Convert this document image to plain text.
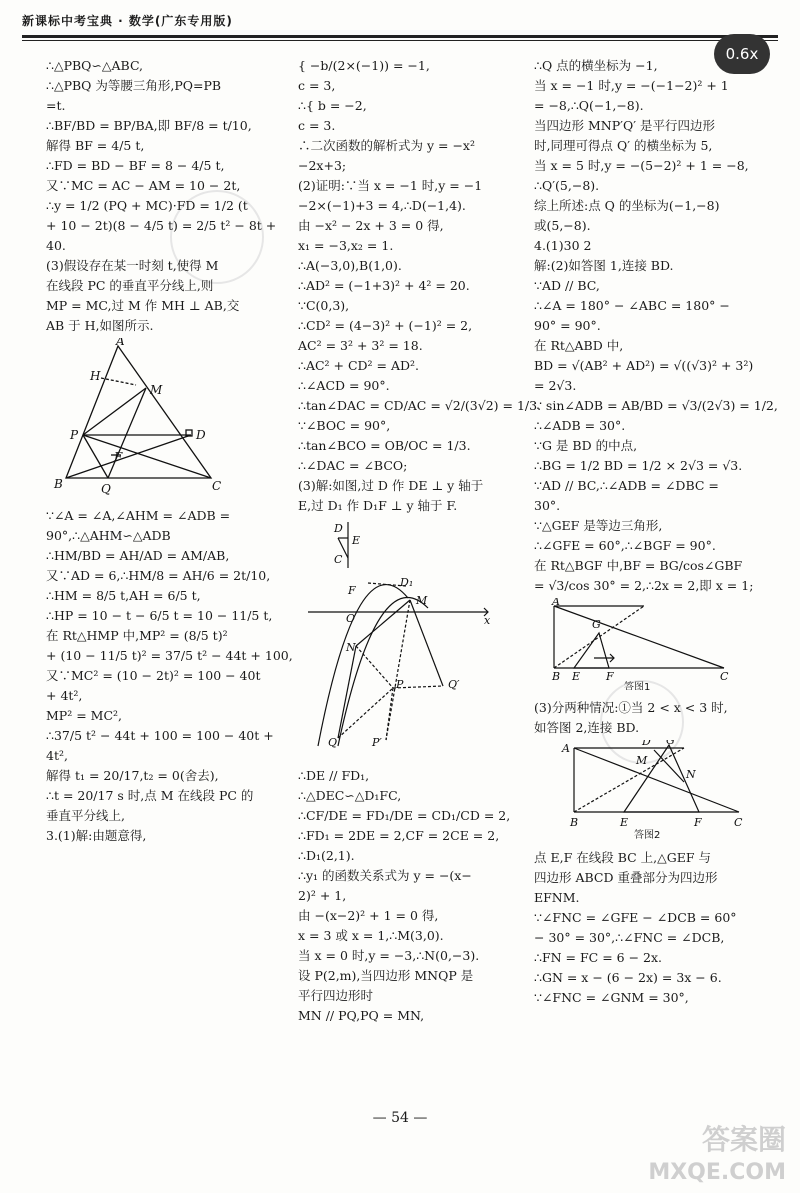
新课标中考宝典 · 数学(广东专用版)
0.6x

∴△PBQ∽△ABC,

∴△PBQ 为等腰三角形,PQ=PB

=t.

∴BF/BD = BP/BA,即 BF/8 = t/10,

解得 BF = 4/5 t,

∴FD = BD − BF = 8 − 4/5 t,

又∵MC = AC − AM = 10 − 2t,

∴y = 1/2 (PQ + MC)·FD = 1/2 (t

+ 10 − 2t)(8 − 4/5 t) = 2/5 t² − 8t +

40.

(3)假设存在某一时刻 t,使得 M

在线段 PC 的垂直平分线上,则

MP = MC,过 M 作 MH ⊥ AB,交

AB 于 H,如图所示.

A
H
M
D
P
F
B	Q	C

∵∠A = ∠A,∠AHM = ∠ADB =

90°,∴△AHM∽△ADB

∴HM/BD = AH/AD = AM/AB,

又∵AD = 6,∴HM/8 = AH/6 = 2t/10,

∴HM = 8/5 t,AH = 6/5 t,

∴HP = 10 − t − 6/5 t = 10 − 11/5 t,

在 Rt△HMP 中,MP² = (8/5 t)²

+ (10 − 11/5 t)² = 37/5 t² − 44t + 100,

又∵MC² = (10 − 2t)² = 100 − 40t

+ 4t²,

MP² = MC²,

∴37/5 t² − 44t + 100 = 100 − 40t +

4t²,

解得 t₁ = 20/17,t₂ = 0(舍去),

∴t = 20/17 s 时,点 M 在线段 PC 的

垂直平分线上,

3.(1)解:由题意得,

{ −b/(2×(−1)) = −1,

c = 3,

∴{ b = −2,

c = 3.

∴二次函数的解析式为 y = −x²

−2x+3;

(2)证明:∵当 x = −1 时,y = −1

−2×(−1)+3 = 4,∴D(−1,4).

由 −x² − 2x + 3 = 0 得,

x₁ = −3,x₂ = 1.

∴A(−3,0),B(1,0).

∴AD² = (−1+3)² + 4² = 20.

∵C(0,3),

∴CD² = (4−3)² + (−1)² = 2,

AC² = 3² + 3² = 18.

∴AC² + CD² = AD².

∴∠ACD = 90°.

∴tan∠DAC = CD/AC = √2/(3√2) = 1/3.

∵∠BOC = 90°,

∴tan∠BCO = OB/OC = 1/3.

∴∠DAC = ∠BCO;

(3)解:如图,过 D 作 DE ⊥ y 轴于

E,过 D₁ 作 D₁F ⊥ y 轴于 F.

D
E
C
F
D₁
M
O	x
N
P	Q′
Q	P′

∴DE // FD₁,

∴△DEC∽△D₁FC,

∴CF/DE = FD₁/DE = CD₁/CD = 2,

∴FD₁ = 2DE = 2,CF = 2CE = 2,

∴D₁(2,1).

∴y₁ 的函数关系式为 y = −(x−

2)² + 1,

由 −(x−2)² + 1 = 0 得,

x = 3 或 x = 1,∴M(3,0).

当 x = 0 时,y = −3,∴N(0,−3).

设 P(2,m),当四边形 MNQP 是

平行四边形时

MN // PQ,PQ = MN,

∴Q 点的横坐标为 −1,

当 x = −1 时,y = −(−1−2)² + 1

= −8,∴Q(−1,−8).

当四边形 MNP′Q′ 是平行四边形

时,同理可得点 Q′ 的横坐标为 5,

当 x = 5 时,y = −(5−2)² + 1 = −8,

∴Q′(5,−8).

综上所述:点 Q 的坐标为(−1,−8)

或(5,−8).

4.(1)30 2

解:(2)如答图 1,连接 BD.

∵AD // BC,

∴∠A = 180° − ∠ABC = 180° −

90° = 90°.

在 Rt△ABD 中,

BD = √(AB² + AD²) = √((√3)² + 3²)

= 2√3.

∵ sin∠ADB = AB/BD = √3/(2√3) = 1/2,

∴∠ADB = 30°.

∵G 是 BD 的中点,

∴BG = 1/2 BD = 1/2 × 2√3 = √3.

∵AD // BC,∴∠ADB = ∠DBC =

30°.

∵△GEF 是等边三角形,

∴∠GFE = 60°,∴∠BGF = 90°.

在 Rt△BGF 中,BF = BG/cos∠GBF

= √3/cos 30° = 2,∴2x = 2,即 x = 1;

A
G
B E F	C
答图1

(3)分两种情况:①当 2 < x < 3 时,

如答图 2,连接 BD.

A
D G
M
N
B	E	F	C
答图2

点 E,F 在线段 BC 上,△GEF 与

四边形 ABCD 重叠部分为四边形

EFNM.

∵∠FNC = ∠GFE − ∠DCB = 60°

− 30° = 30°,∴∠FNC = ∠DCB,

∴FN = FC = 6 − 2x.

∴GN = x − (6 − 2x) = 3x − 6.

∵∠FNC = ∠GNM = 30°,

— 54 —
答案圈
MXQE.COM
